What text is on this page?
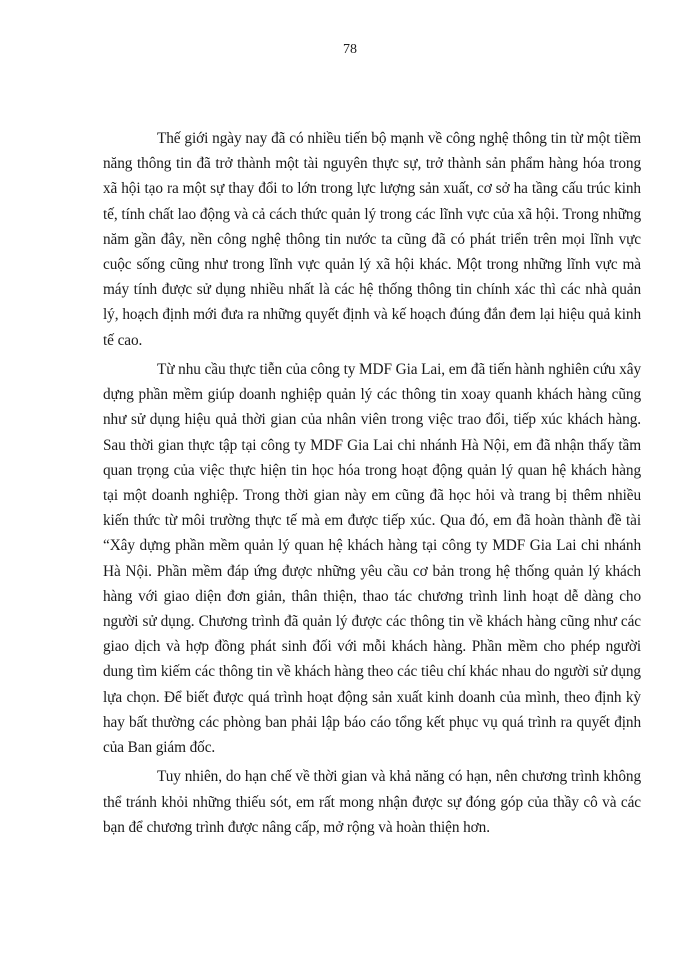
78

Thế giới ngày nay đã có nhiều tiến bộ mạnh về công nghệ thông tin từ một tiềm năng thông tin đã trở thành một tài nguyên thực sự, trở thành sản phẩm hàng hóa trong xã hội tạo ra một sự thay đổi to lớn trong lực lượng sản xuất, cơ sở ha tầng cấu trúc kinh tế, tính chất lao động và cả cách thức quản lý trong các lĩnh vực của xã hội. Trong những năm gần đây, nền công nghệ thông tin nước ta cũng đã có phát triển trên mọi lĩnh vực cuộc sống cũng như trong lĩnh vực quản lý xã hội khác. Một trong những lĩnh vực mà máy tính được sử dụng nhiều nhất là các hệ thống thông tin chính xác thì các nhà quản lý, hoạch định mới đưa ra những quyết định và kế hoạch đúng đắn đem lại hiệu quả kinh tế cao.

Từ nhu cầu thực tiễn của công ty MDF Gia Lai, em đã tiến hành nghiên cứu xây dựng phần mềm giúp doanh nghiệp quản lý các thông tin xoay quanh khách hàng cũng như sử dụng hiệu quả thời gian của nhân viên trong việc trao đổi, tiếp xúc khách hàng. Sau thời gian thực tập tại công ty MDF Gia Lai chi nhánh Hà Nội, em đã nhận thấy tầm quan trọng của việc thực hiện tin học hóa trong hoạt động quản lý quan hệ khách hàng tại một doanh nghiệp. Trong thời gian này em cũng đã học hỏi và trang bị thêm nhiều kiến thức từ môi trường thực tế mà em được tiếp xúc. Qua đó, em đã hoàn thành đề tài “Xây dựng phần mềm quản lý quan hệ khách hàng tại công ty MDF Gia Lai chi nhánh Hà Nội. Phần mềm đáp ứng được những yêu cầu cơ bản trong hệ thống quản lý khách hàng với giao diện đơn giản, thân thiện, thao tác chương trình linh hoạt dễ dàng cho người sử dụng. Chương trình đã quản lý được các thông tin về khách hàng cũng như các giao dịch và hợp đồng phát sinh đối với mỗi khách hàng. Phần mềm cho phép người dung tìm kiếm các thông tin về khách hàng theo các tiêu chí khác nhau do người sử dụng lựa chọn. Để biết được quá trình hoạt động sản xuất kinh doanh của mình, theo định kỳ hay bất thường các phòng ban phải lập báo cáo tổng kết phục vụ quá trình ra quyết định của Ban giám đốc.

Tuy nhiên, do hạn chế về thời gian và khả năng có hạn, nên chương trình không thể tránh khỏi những thiếu sót, em rất mong nhận được sự đóng góp của thầy cô và các bạn để chương trình được nâng cấp, mở rộng và hoàn thiện hơn.
